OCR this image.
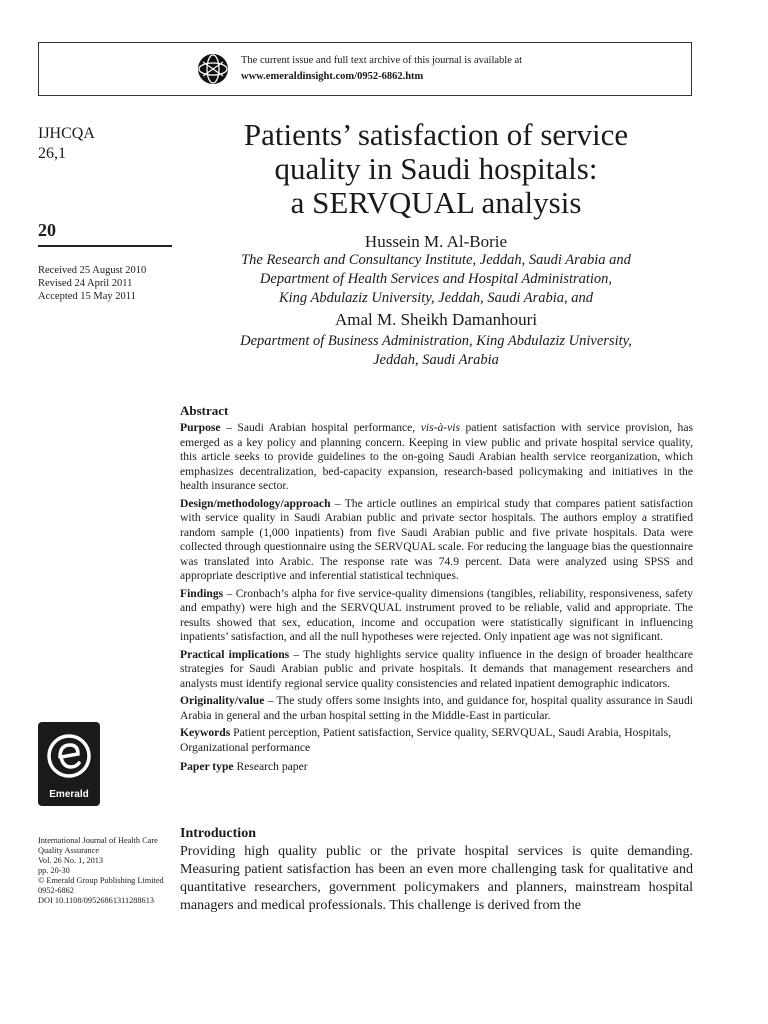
The current issue and full text archive of this journal is available at
www.emeraldinsight.com/0952-6862.htm
IJHCQA
26,1
20
Received 25 August 2010
Revised 24 April 2011
Accepted 15 May 2011
Patients’ satisfaction of service
quality in Saudi hospitals:
a SERVQUAL analysis
Hussein M. Al-Borie
The Research and Consultancy Institute, Jeddah, Saudi Arabia and
Department of Health Services and Hospital Administration,
King Abdulaziz University, Jeddah, Saudi Arabia, and
Amal M. Sheikh Damanhouri
Department of Business Administration, King Abdulaziz University,
Jeddah, Saudi Arabia
Abstract

Purpose – Saudi Arabian hospital performance, vis-à-vis patient satisfaction with service provision, has emerged as a key policy and planning concern. Keeping in view public and private hospital service quality, this article seeks to provide guidelines to the on-going Saudi Arabian health service reorganization, which emphasizes decentralization, bed-capacity expansion, research-based policymaking and initiatives in the health insurance sector.

Design/methodology/approach – The article outlines an empirical study that compares patient satisfaction with service quality in Saudi Arabian public and private sector hospitals. The authors employ a stratified random sample (1,000 inpatients) from five Saudi Arabian public and five private hospitals. Data were collected through questionnaire using the SERVQUAL scale. For reducing the language bias the questionnaire was translated into Arabic. The response rate was 74.9 percent. Data were analyzed using SPSS and appropriate descriptive and inferential statistical techniques.

Findings – Cronbach’s alpha for five service-quality dimensions (tangibles, reliability, responsiveness, safety and empathy) were high and the SERVQUAL instrument proved to be reliable, valid and appropriate. The results showed that sex, education, income and occupation were statistically significant in influencing inpatients’ satisfaction, and all the null hypotheses were rejected. Only inpatient age was not significant.

Practical implications – The study highlights service quality influence in the design of broader healthcare strategies for Saudi Arabian public and private hospitals. It demands that management researchers and analysts must identify regional service quality consistencies and related inpatient demographic indicators.

Originality/value – The study offers some insights into, and guidance for, hospital quality assurance in Saudi Arabia in general and the urban hospital setting in the Middle-East in particular.

Keywords Patient perception, Patient satisfaction, Service quality, SERVQUAL, Saudi Arabia, Hospitals, Organizational performance

Paper type Research paper

Emerald
International Journal of Health Care
Quality Assurance
Vol. 26 No. 1, 2013
pp. 20-30
© Emerald Group Publishing Limited
0952-6862
DOI 10.1108/09526861311288613
Introduction

Providing high quality public or the private hospital services is quite demanding. Measuring patient satisfaction has been an even more challenging task for qualitative and quantitative researchers, government policymakers and planners, mainstream hospital managers and medical professionals. This challenge is derived from the
